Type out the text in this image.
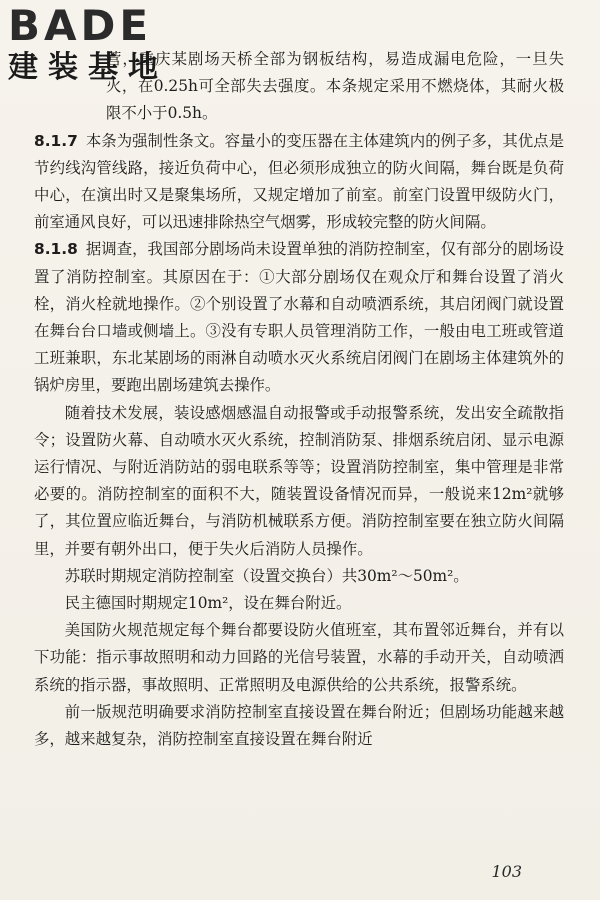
BADE
建装基地

营，重庆某剧场天桥全部为钢板结构，易造成漏电危险，一旦失火，在0.25h可全部失去强度。本条规定采用不燃烧体，其耐火极限不小于0.5h。

8.1.7 本条为强制性条文。容量小的变压器在主体建筑内的例子多，其优点是节约线沟管线路，接近负荷中心，但必须形成独立的防火间隔，舞台既是负荷中心，在演出时又是聚集场所，又规定增加了前室。前室门设置甲级防火门，前室通风良好，可以迅速排除热空气烟雾，形成较完整的防火间隔。

8.1.8 据调查，我国部分剧场尚未设置单独的消防控制室，仅有部分的剧场设置了消防控制室。其原因在于：①大部分剧场仅在观众厅和舞台设置了消火栓，消火栓就地操作。②个别设置了水幕和自动喷洒系统，其启闭阀门就设置在舞台台口墙或侧墙上。③没有专职人员管理消防工作，一般由电工班或管道工班兼职，东北某剧场的雨淋自动喷水灭火系统启闭阀门在剧场主体建筑外的锅炉房里，要跑出剧场建筑去操作。

随着技术发展，装设感烟感温自动报警或手动报警系统，发出安全疏散指令；设置防火幕、自动喷水灭火系统，控制消防泵、排烟系统启闭、显示电源运行情况、与附近消防站的弱电联系等等；设置消防控制室，集中管理是非常必要的。消防控制室的面积不大，随装置设备情况而异，一般说来12m²就够了，其位置应临近舞台，与消防机械联系方便。消防控制室要在独立防火间隔里，并要有朝外出口，便于失火后消防人员操作。

苏联时期规定消防控制室（设置交换台）共30m²～50m²。

民主德国时期规定10m²，设在舞台附近。

美国防火规范规定每个舞台都要设防火值班室，其布置邻近舞台，并有以下功能：指示事故照明和动力回路的光信号装置，水幕的手动开关，自动喷洒系统的指示器，事故照明、正常照明及电源供给的公共系统，报警系统。

前一版规范明确要求消防控制室直接设置在舞台附近；但剧场功能越来越多，越来越复杂，消防控制室直接设置在舞台附近

103
